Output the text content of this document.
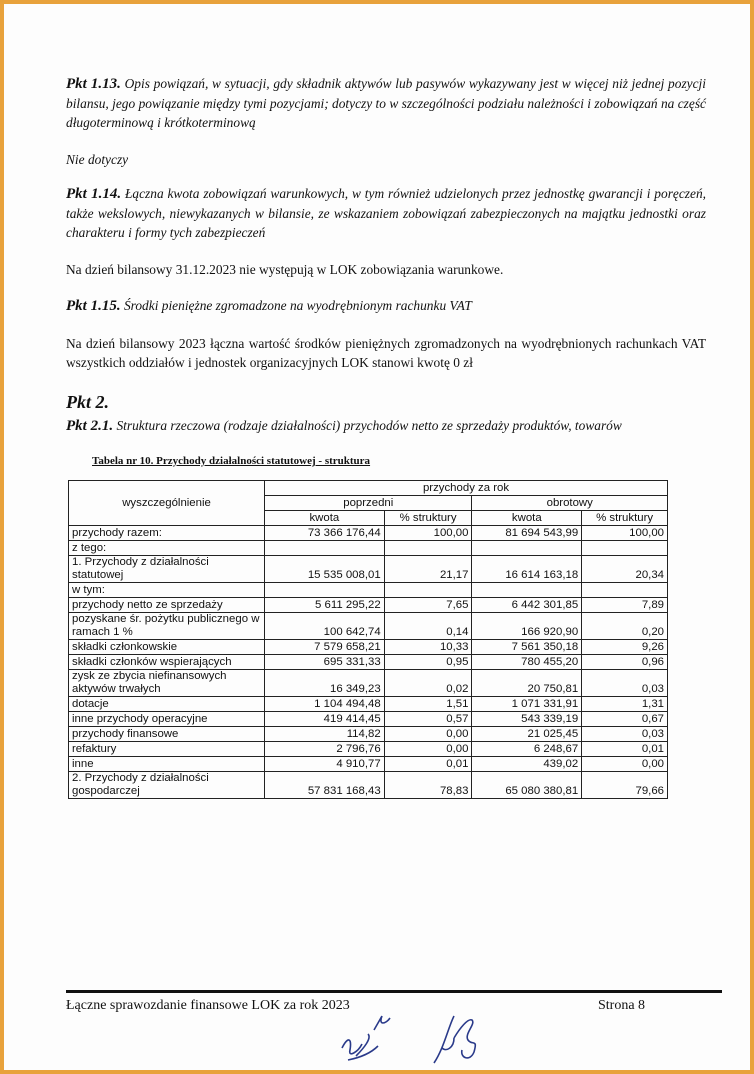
Pkt 1.13. Opis powiązań, w sytuacji, gdy składnik aktywów lub pasywów wykazywany jest w więcej niż jednej pozycji bilansu, jego powiązanie między tymi pozycjami; dotyczy to w szczególności podziału należności i zobowiązań na część długoterminową i krótkoterminową

Nie dotyczy

Pkt 1.14. Łączna kwota zobowiązań warunkowych, w tym również udzielonych przez jednostkę gwarancji i poręczeń, także wekslowych, niewykazanych w bilansie, ze wskazaniem zobowiązań zabezpieczonych na majątku jednostki oraz charakteru i formy tych zabezpieczeń

Na dzień bilansowy 31.12.2023 nie występują w LOK zobowiązania warunkowe.

Pkt 1.15. Środki pieniężne zgromadzone na wyodrębnionym rachunku VAT

Na dzień bilansowy 2023 łączna wartość środków pieniężnych zgromadzonych na wyodrębnionych rachunkach VAT wszystkich oddziałów i jednostek organizacyjnych LOK stanowi kwotę 0 zł

Pkt 2.

Pkt 2.1. Struktura rzeczowa (rodzaje działalności) przychodów netto ze sprzedaży produktów, towarów

Tabela nr 10. Przychody działalności statutowej - struktura
wyszczególnienie	przychody za rok			
	poprzedni		obrotowy	
	kwota	% struktury	kwota	% struktury
przychody razem:	73 366 176,44	100,00	81 694 543,99	100,00
z tego:				
1. Przychody z działalności statutowej	15 535 008,01	21,17	16 614 163,18	20,34
w tym:				
przychody netto ze sprzedaży	5 611 295,22	7,65	6 442 301,85	7,89
pozyskane śr. pożytku publicznego w ramach 1 %	100 642,74	0,14	166 920,90	0,20
składki członkowskie	7 579 658,21	10,33	7 561 350,18	9,26
składki członków wspierających	695 331,33	0,95	780 455,20	0,96
zysk ze zbycia niefinansowych aktywów trwałych	16 349,23	0,02	20 750,81	0,03
dotacje	1 104 494,48	1,51	1 071 331,91	1,31
inne przychody operacyjne	419 414,45	0,57	543 339,19	0,67
przychody finansowe	114,82	0,00	21 025,45	0,03
refaktury	2 796,76	0,00	6 248,67	0,01
inne	4 910,77	0,01	439,02	0,00
2. Przychody z działalności gospodarczej	57 831 168,43	78,83	65 080 380,81	79,66
Łączne sprawozdanie finansowe LOK za rok 2023	Strona 8
